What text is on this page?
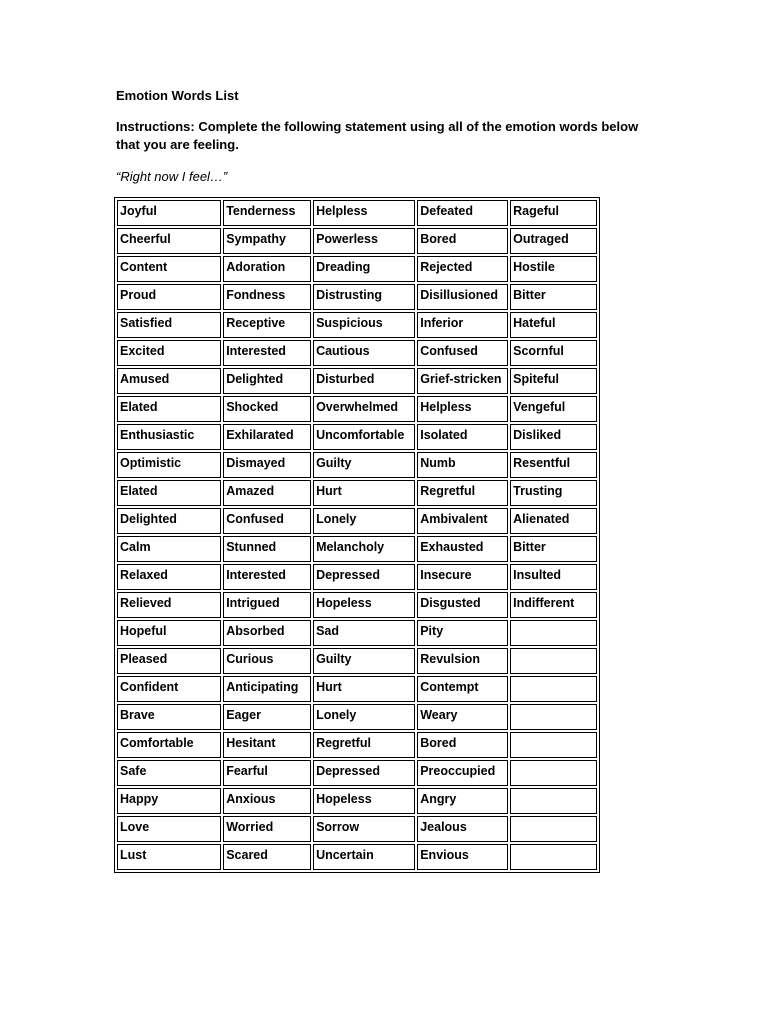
Emotion Words List

Instructions: Complete the following statement using all of the emotion words below that you are feeling.

“Right now I feel…”

Joyful	Tenderness	Helpless	Defeated	Rageful
Cheerful	Sympathy	Powerless	Bored	Outraged
Content	Adoration	Dreading	Rejected	Hostile
Proud	Fondness	Distrusting	Disillusioned	Bitter
Satisfied	Receptive	Suspicious	Inferior	Hateful
Excited	Interested	Cautious	Confused	Scornful
Amused	Delighted	Disturbed	Grief-stricken	Spiteful
Elated	Shocked	Overwhelmed	Helpless	Vengeful
Enthusiastic	Exhilarated	Uncomfortable	Isolated	Disliked
Optimistic	Dismayed	Guilty	Numb	Resentful
Elated	Amazed	Hurt	Regretful	Trusting
Delighted	Confused	Lonely	Ambivalent	Alienated
Calm	Stunned	Melancholy	Exhausted	Bitter
Relaxed	Interested	Depressed	Insecure	Insulted
Relieved	Intrigued	Hopeless	Disgusted	Indifferent
Hopeful	Absorbed	Sad	Pity	
Pleased	Curious	Guilty	Revulsion	
Confident	Anticipating	Hurt	Contempt	
Brave	Eager	Lonely	Weary	
Comfortable	Hesitant	Regretful	Bored	
Safe	Fearful	Depressed	Preoccupied	
Happy	Anxious	Hopeless	Angry	
Love	Worried	Sorrow	Jealous	
Lust	Scared	Uncertain	Envious	
